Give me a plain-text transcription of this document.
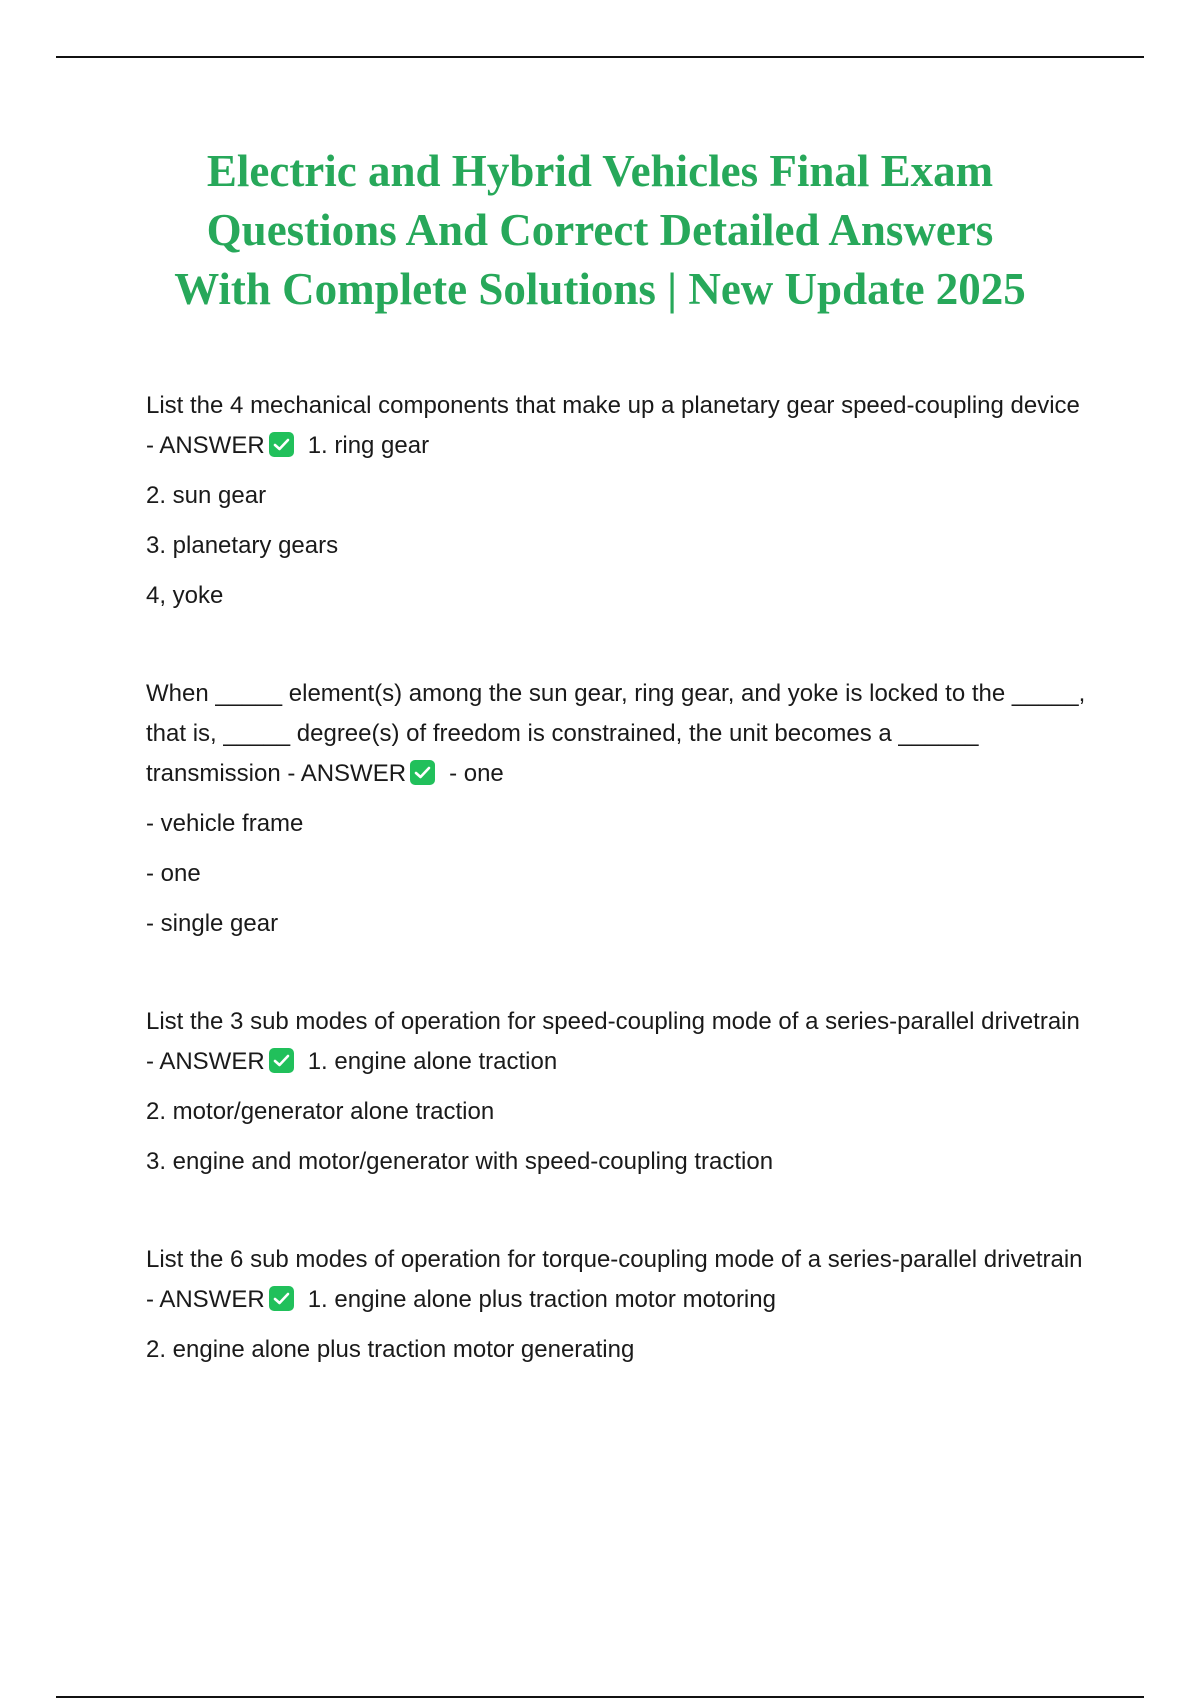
Electric and Hybrid Vehicles Final Exam
Questions And Correct Detailed Answers
With Complete Solutions | New Update 2025

List the 4 mechanical components that make up a planetary gear speed-coupling device - ANSWER 1. ring gear

2. sun gear

3. planetary gears

4, yoke

When _____ element(s) among the sun gear, ring gear, and yoke is locked to the _____, that is, _____ degree(s) of freedom is constrained, the unit becomes a ______ transmission - ANSWER - one

- vehicle frame

- one

- single gear

List the 3 sub modes of operation for speed-coupling mode of a series-parallel drivetrain - ANSWER 1. engine alone traction

2. motor/generator alone traction

3. engine and motor/generator with speed-coupling traction

List the 6 sub modes of operation for torque-coupling mode of a series-parallel drivetrain - ANSWER 1. engine alone plus traction motor motoring

2. engine alone plus traction motor generating
